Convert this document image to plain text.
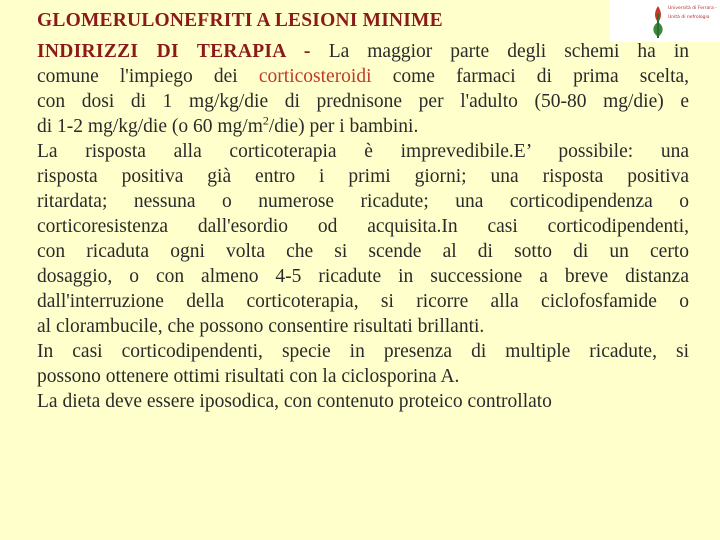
GLOMERULONEFRITI A LESIONI MINIME
Università di Ferrara - Unità di nefrologia
INDIRIZZI DI TERAPIA - La maggior parte degli schemi ha in
comune l'impiego dei corticosteroidi come farmaci di prima scelta,
con dosi di 1 mg/kg/die di prednisone per l'adulto (50-80 mg/die) e
di 1-2 mg/kg/die (o 60 $mg/m^2/die$) per i bambini.
La risposta alla corticoterapia è imprevedibile.E’ possibile: una
risposta positiva già entro i primi giorni; una risposta positiva
ritardata; nessuna o numerose ricadute; una corticodipendenza o
corticoresistenza dall'esordio od acquisita.In casi corticodipendenti,
con ricaduta ogni volta che si scende al di sotto di un certo
dosaggio, o con almeno 4-5 ricadute in successione a breve distanza
dall'interruzione della corticoterapia, si ricorre alla ciclofosfamide o
al clorambucile, che possono consentire risultati brillanti.
In casi corticodipendenti, specie in presenza di multiple ricadute, si
possono ottenere ottimi risultati con la ciclosporina A.
La dieta deve essere iposodica, con contenuto proteico controllato
